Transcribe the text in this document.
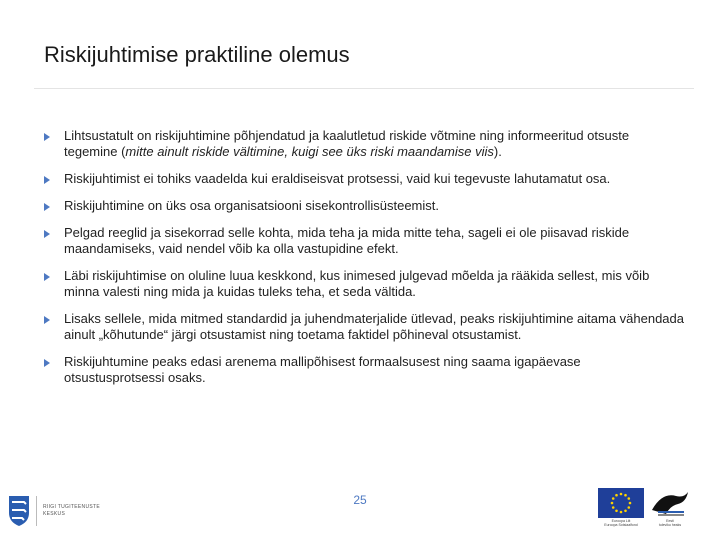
Riskijuhtimise praktiline olemus
Lihtsustatult on riskijuhtimine põhjendatud ja kaalutletud riskide võtmine ning informeeritud otsuste tegemine (mitte ainult riskide vältimine, kuigi see üks riski maandamise viis).
Riskijuhtimist ei tohiks vaadelda kui eraldiseisvat protsessi, vaid kui tegevuste lahutamatut osa.
Riskijuhtimine on üks osa organisatsiooni sisekontrollisüsteemist.
Pelgad reeglid ja sisekorrad selle kohta, mida teha ja mida mitte teha, sageli ei ole piisavad riskide maandamiseks, vaid nendel võib ka olla vastupidine efekt.
Läbi riskijuhtimise on oluline luua keskkond, kus inimesed julgevad mõelda ja rääkida sellest, mis võib minna valesti ning mida ja kuidas tuleks teha, et seda vältida.
Lisaks sellele, mida mitmed standardid ja juhendmaterjalide ütlevad, peaks riskijuhtimine aitama vähendada ainult „kõhutunde“ järgi otsustamist ning toetama faktidel põhineval otsustamist.
Riskijuhtumine peaks edasi arenema mallipõhisest formaalsusest ning saama igapäevase otsustusprotsessi osaks.
RIIGI TUGITEENUSTE
KESKUS
25
Euroopa Liit
Euroopa Sotsiaalfond
Eesti
tuleviku heaks
